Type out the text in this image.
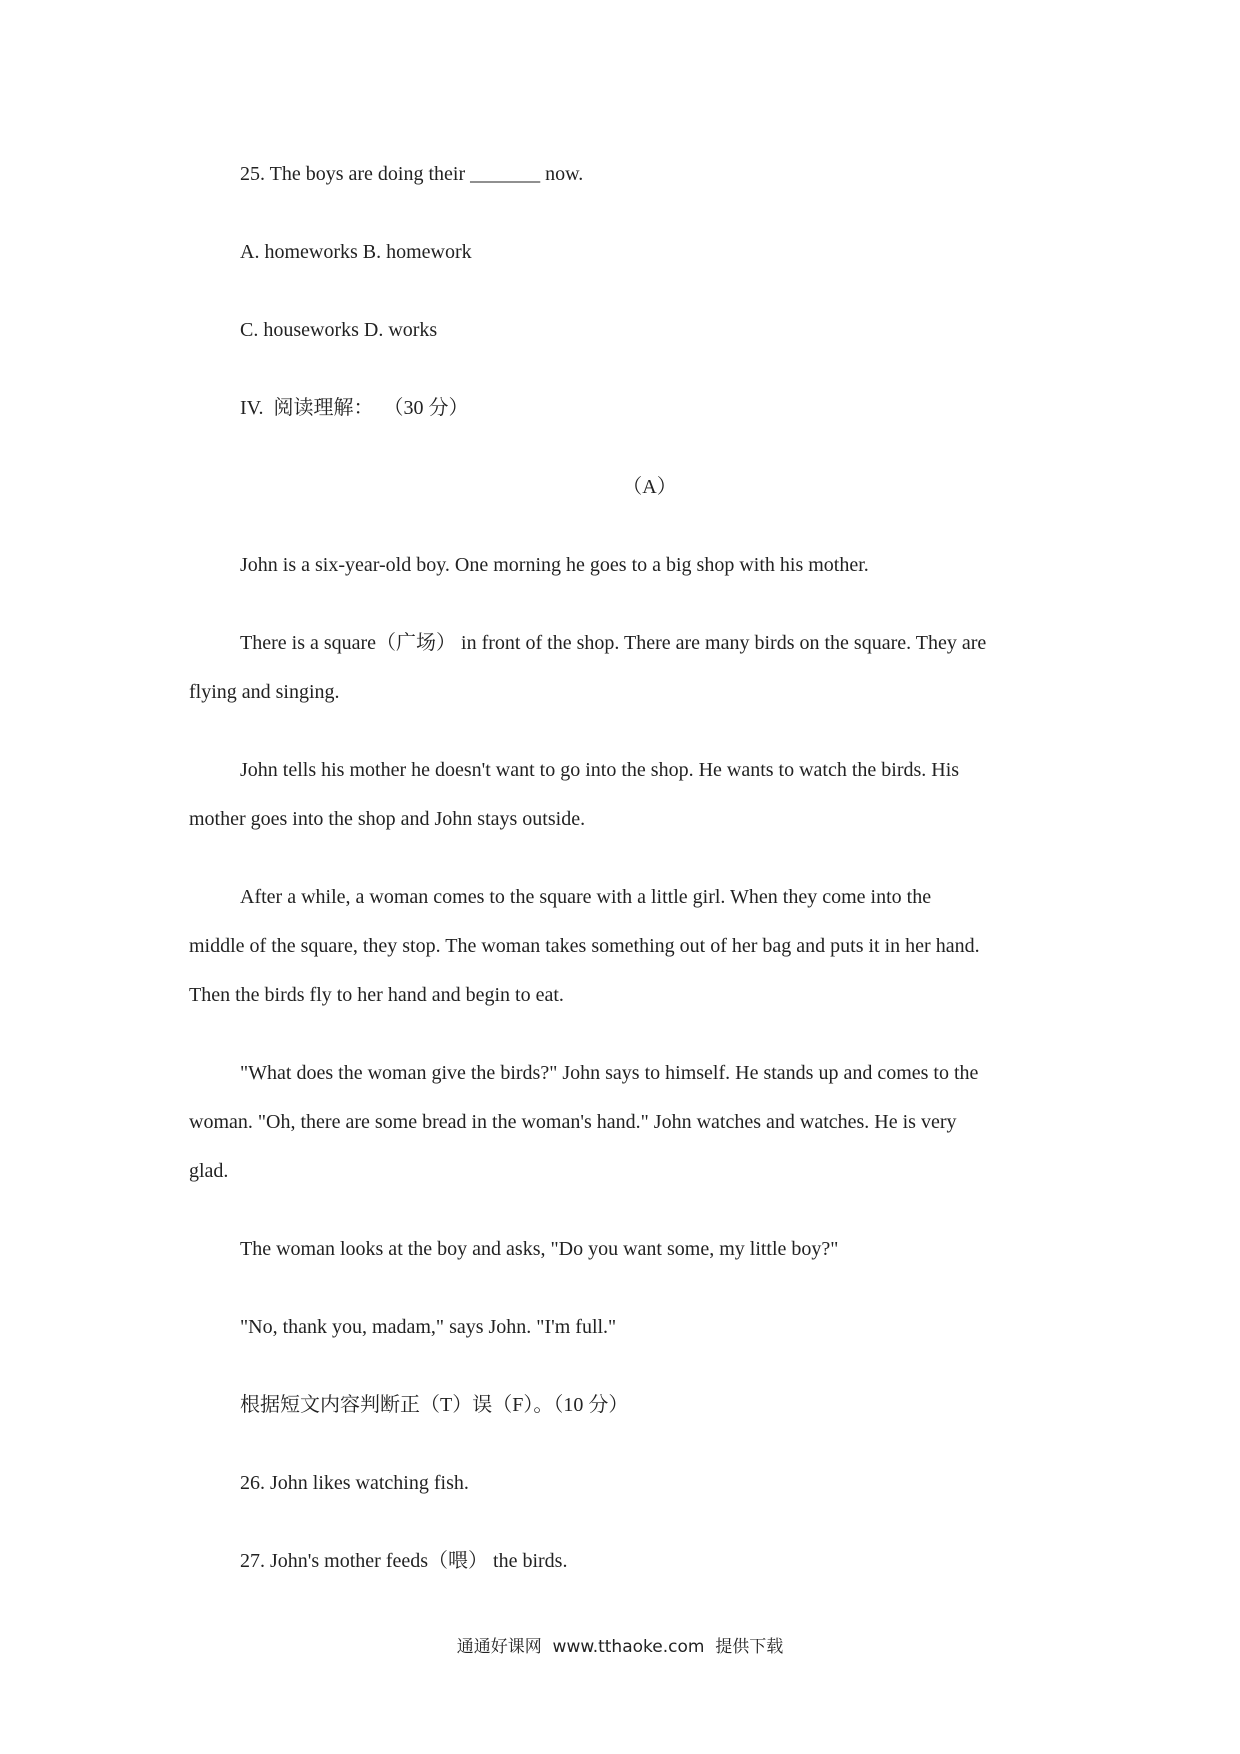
25. The boys are doing their _______ now.
A. homeworks B. homework
C. houseworks D. works
IV.  阅读理解：  （30 分）
（A）
John is a six-year-old boy. One morning he goes to a big shop with his mother.
There is a square（广场） in front of the shop. There are many birds on the square. They are
flying and singing.
John tells his mother he doesn't want to go into the shop. He wants to watch the birds. His
mother goes into the shop and John stays outside.
After a while, a woman comes to the square with a little girl. When they come into the
middle of the square, they stop. The woman takes something out of her bag and puts it in her hand.
Then the birds fly to her hand and begin to eat.
"What does the woman give the birds?" John says to himself. He stands up and comes to the
woman. "Oh, there are some bread in the woman's hand." John watches and watches. He is very
glad.
The woman looks at the boy and asks, "Do you want some, my little boy?"
"No, thank you, madam," says John. "I'm full."
根据短文内容判断正（T）误（F）。（10 分）
26. John likes watching fish.
27. John's mother feeds（喂） the birds.
通通好课网  www.tthaoke.com  提供下载
